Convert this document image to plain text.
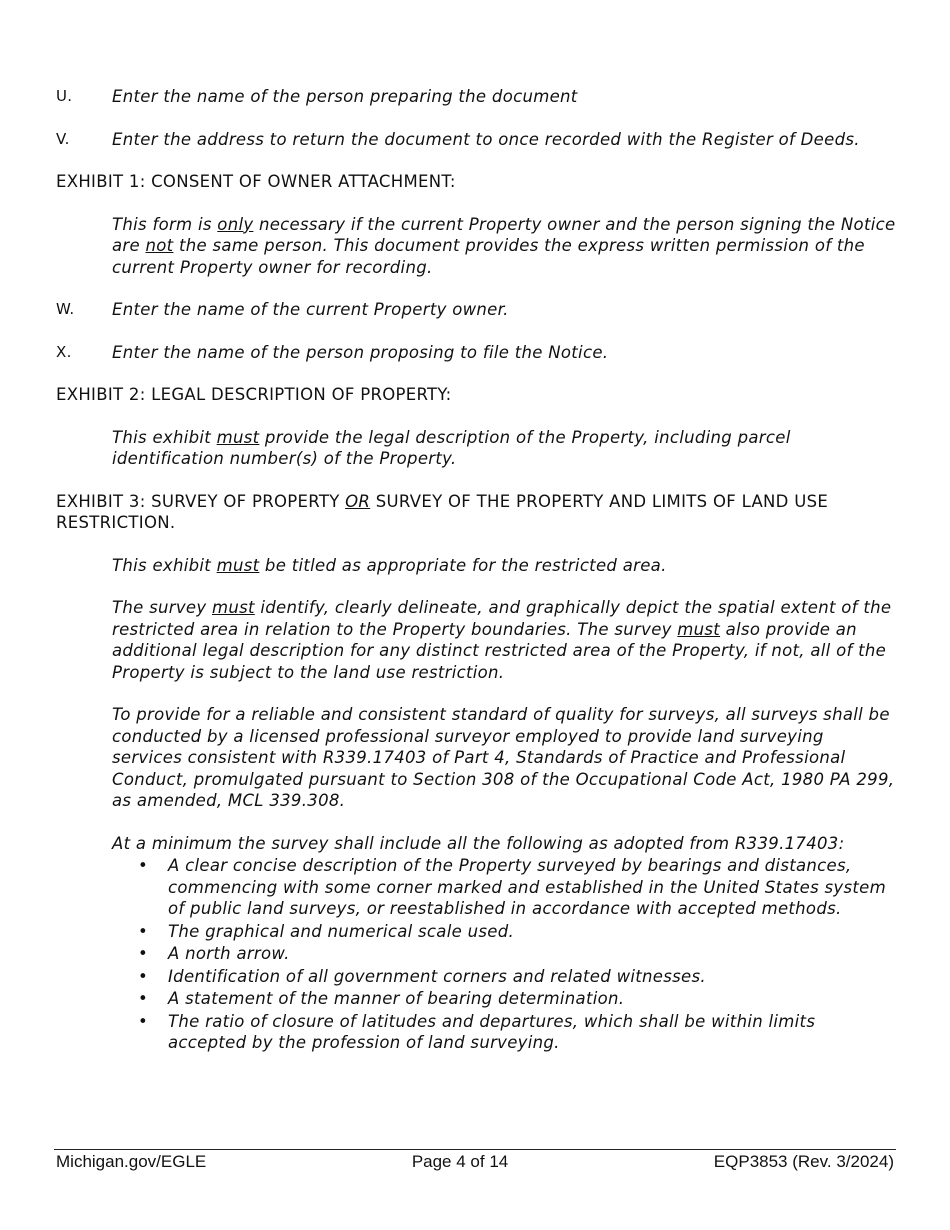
U.	Enter the name of the person preparing the document
V.	Enter the address to return the document to once recorded with the Register of Deeds.
EXHIBIT 1: CONSENT OF OWNER ATTACHMENT:
This form is only necessary if the current Property owner and the person signing the Notice are not the same person. This document provides the express written permission of the current Property owner for recording.
W.	Enter the name of the current Property owner.
X.	Enter the name of the person proposing to file the Notice.
EXHIBIT 2: LEGAL DESCRIPTION OF PROPERTY:
This exhibit must provide the legal description of the Property, including parcel identification number(s) of the Property.
EXHIBIT 3: SURVEY OF PROPERTY OR SURVEY OF THE PROPERTY AND LIMITS OF LAND USE RESTRICTION.
This exhibit must be titled as appropriate for the restricted area.
The survey must identify, clearly delineate, and graphically depict the spatial extent of the restricted area in relation to the Property boundaries. The survey must also provide an additional legal description for any distinct restricted area of the Property, if not, all of the Property is subject to the land use restriction.
To provide for a reliable and consistent standard of quality for surveys, all surveys shall be conducted by a licensed professional surveyor employed to provide land surveying services consistent with R339.17403 of Part 4, Standards of Practice and Professional Conduct, promulgated pursuant to Section 308 of the Occupational Code Act, 1980 PA 299, as amended, MCL 339.308.
At a minimum the survey shall include all the following as adopted from R339.17403:
• A clear concise description of the Property surveyed by bearings and distances, commencing with some corner marked and established in the United States system of public land surveys, or reestablished in accordance with accepted methods.
• The graphical and numerical scale used.
• A north arrow.
• Identification of all government corners and related witnesses.
• A statement of the manner of bearing determination.
• The ratio of closure of latitudes and departures, which shall be within limits accepted by the profession of land surveying.
Michigan.gov/EGLE	Page 4 of 14	EQP3853 (Rev. 3/2024)
